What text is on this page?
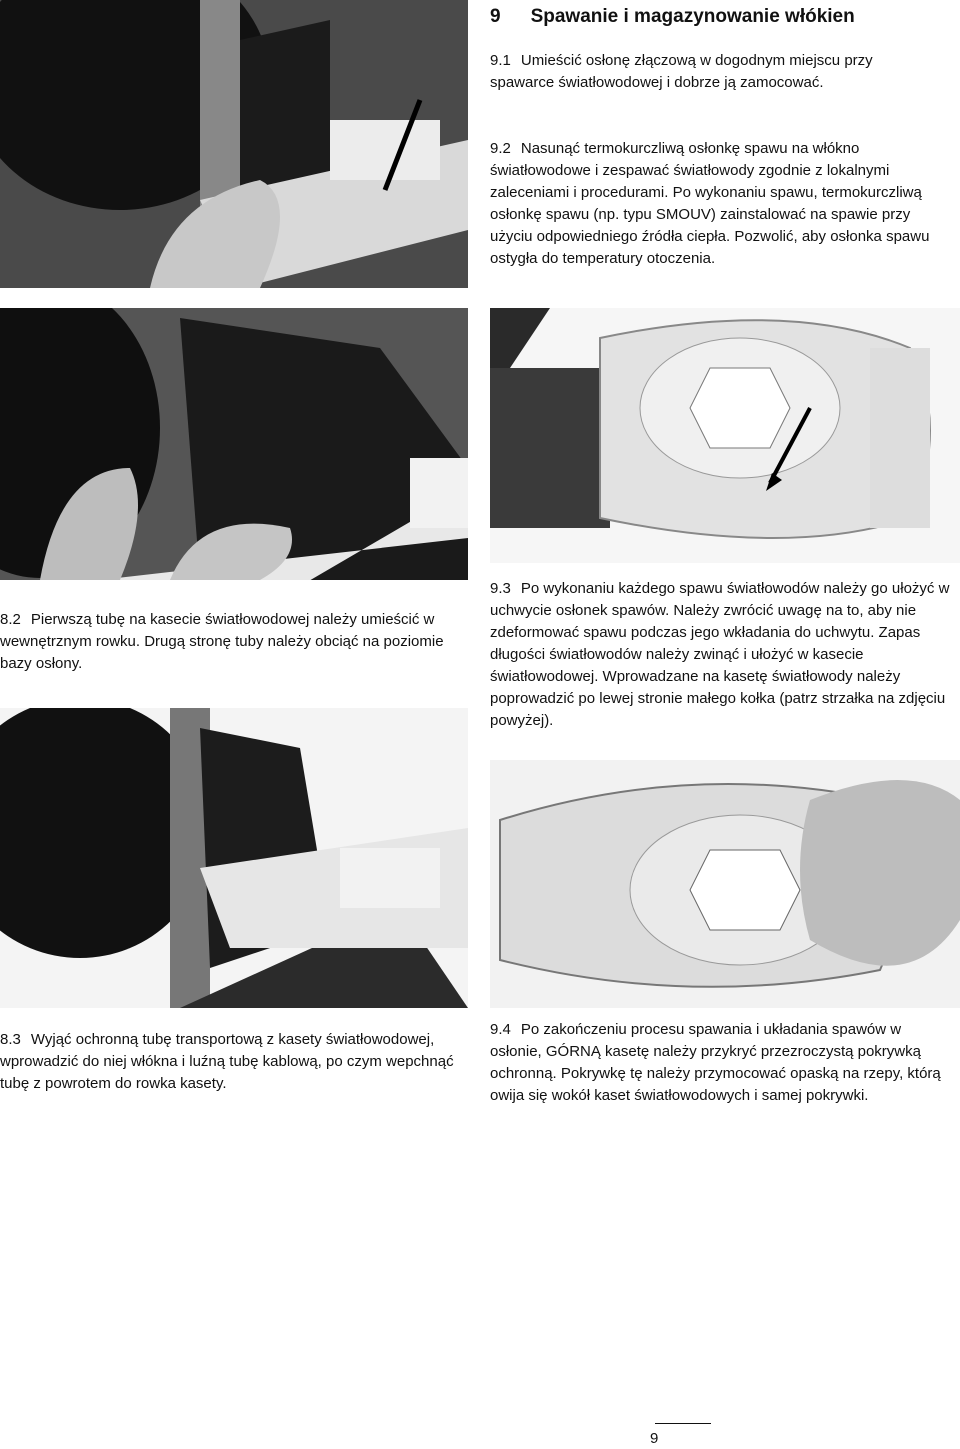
9 Spawanie i magazynowanie włókien
9.1 Umieścić osłonę złączową w dogodnym miejscu przy spawarce światłowodowej i dobrze ją zamocować.
9.2 Nasunąć termokurczliwą osłonkę spawu na włókno światłowodowe i zespawać światłowody zgodnie z lokalnymi zaleceniami i procedurami. Po wykonaniu spawu, termokurczliwą osłonkę spawu (np. typu SMOUV) zainstalować na spawie przy użyciu odpowiedniego źródła ciepła. Pozwolić, aby osłonka spawu ostygła do temperatury otoczenia.
8.2 Pierwszą tubę na kasecie światłowodowej należy umieścić w wewnętrznym rowku. Drugą stronę tuby należy obciąć na poziomie bazy osłony.
9.3 Po wykonaniu każdego spawu światłowodów należy go ułożyć w uchwycie osłonek spawów. Należy zwrócić uwagę na to, aby nie zdeformować spawu podczas jego wkładania do uchwytu. Zapas długości światłowodów należy zwinąć i ułożyć w kasecie światłowodowej. Wprowadzane na kasetę światłowody należy poprowadzić po lewej stronie małego kołka (patrz strzałka na zdjęciu powyżej).
8.3 Wyjąć ochronną tubę transportową z kasety światłowodowej, wprowadzić do niej włókna i luźną tubę kablową, po czym wepchnąć tubę z powrotem do rowka kasety.
9.4 Po zakończeniu procesu spawania i układania spawów w osłonie, GÓRNĄ kasetę należy przykryć przezroczystą pokrywką ochronną. Pokrywkę tę należy przymocować opaską na rzepy, którą owija się wokół kaset światłowodowych i samej pokrywki.
9
